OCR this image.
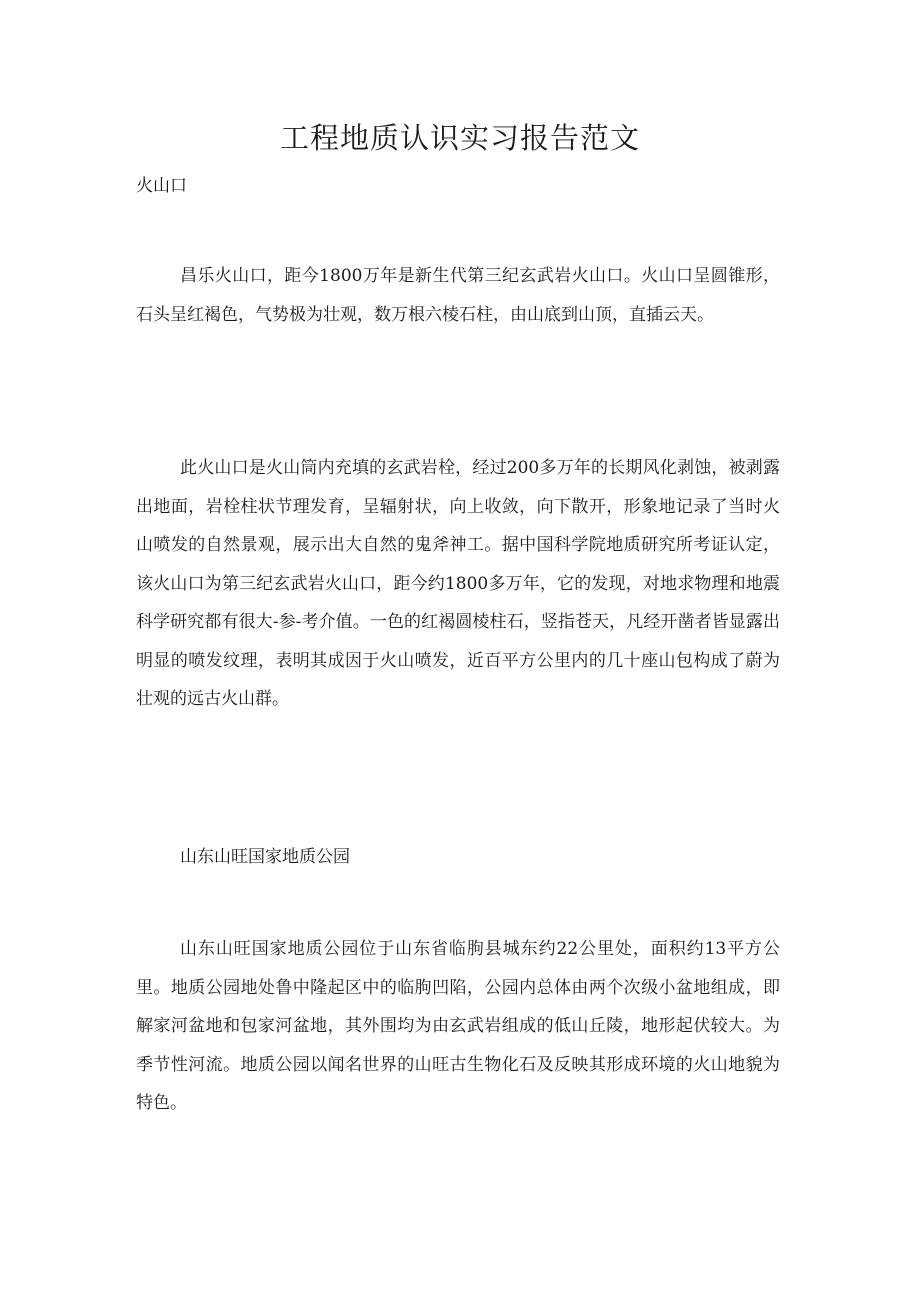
工程地质认识实习报告范文

火山口

昌乐火山口，距今1800万年是新生代第三纪玄武岩火山口。火山口呈圆锥形，石头呈红褐色，气势极为壮观，数万根六棱石柱，由山底到山顶，直插云天。

此火山口是火山筒内充填的玄武岩栓，经过200多万年的长期风化剥蚀，被剥露出地面，岩栓柱状节理发育，呈辐射状，向上收敛，向下散开，形象地记录了当时火山喷发的自然景观，展示出大自然的鬼斧神工。据中国科学院地质研究所考证认定，该火山口为第三纪玄武岩火山口，距今约1800多万年，它的发现，对地求物理和地震科学研究都有很大-参-考介值。一色的红褐圆棱柱石，竖指苍天，凡经开凿者皆显露出明显的喷发纹理，表明其成因于火山喷发，近百平方公里内的几十座山包构成了蔚为壮观的远古火山群。

山东山旺国家地质公园

山东山旺国家地质公园位于山东省临朐县城东约22公里处，面积约13平方公里。地质公园地处鲁中隆起区中的临朐凹陷，公园内总体由两个次级小盆地组成，即解家河盆地和包家河盆地，其外围均为由玄武岩组成的低山丘陵，地形起伏较大。为季节性河流。地质公园以闻名世界的山旺古生物化石及反映其形成环境的火山地貌为特色。
